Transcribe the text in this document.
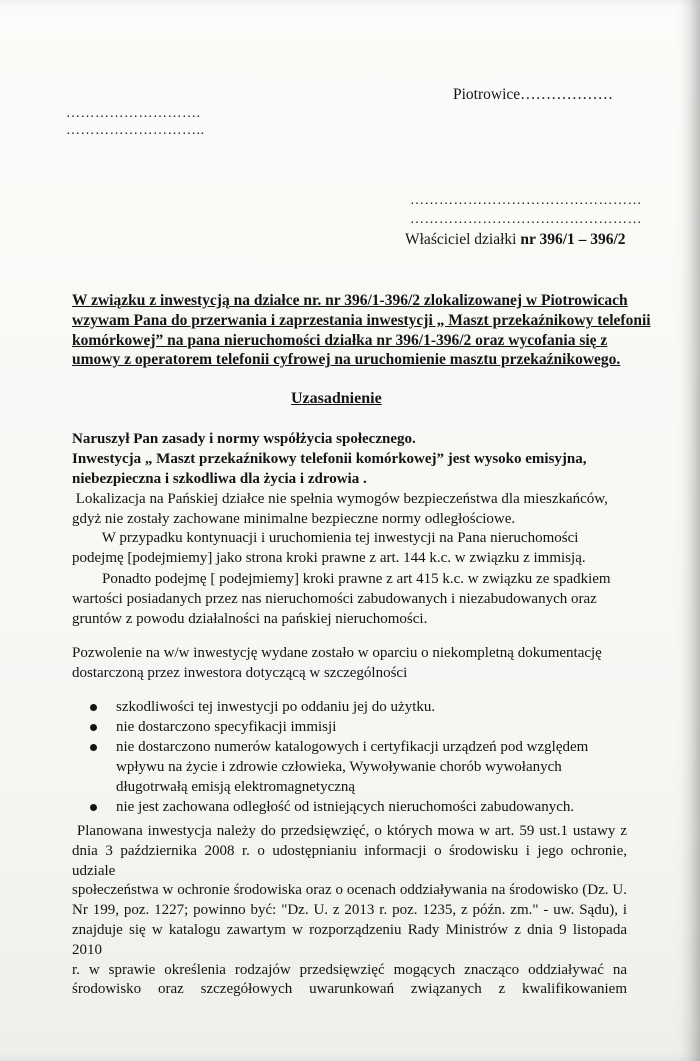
Piotrowice………………
……………………….
………………………..
…………………………………………
…………………………………………
Właściciel działki nr 396/1 – 396/2
W związku z inwestycją na działce nr. nr 396/1-396/2 zlokalizowanej w Piotrowicach
wzywam Pana do przerwania i zaprzestania inwestycji „ Maszt przekaźnikowy telefonii
komórkowej” na pana nieruchomości działka nr 396/1-396/2 oraz wycofania się z
umowy z operatorem telefonii cyfrowej na uruchomienie masztu przekaźnikowego.
Uzasadnienie
Naruszył Pan zasady i normy współżycia społecznego.
Inwestycja „ Maszt przekaźnikowy telefonii komórkowej” jest wysoko emisyjna,
niebezpieczna i szkodliwa dla życia i zdrowia .
Lokalizacja na Pańskiej działce nie spełnia wymogów bezpieczeństwa dla mieszkańców,
gdyż nie zostały zachowane minimalne bezpieczne normy odległościowe.
W przypadku kontynuacji i uruchomienia tej inwestycji na Pana nieruchomości
podejmę [podejmiemy] jako strona kroki prawne z art. 144 k.c. w związku z immisją.
Ponadto podejmę [ podejmiemy] kroki prawne z art 415 k.c. w związku ze spadkiem
wartości posiadanych przez nas nieruchomości zabudowanych i niezabudowanych oraz
gruntów z powodu działalności na pańskiej nieruchomości.
Pozwolenie na w/w inwestycję wydane zostało w oparciu o niekompletną dokumentację
dostarczoną przez inwestora dotyczącą w szczególności
szkodliwości tej inwestycji po oddaniu jej do użytku.
nie dostarczono specyfikacji immisji
nie dostarczono numerów katalogowych i certyfikacji urządzeń pod względem
wpływu na życie i zdrowie człowieka, Wywoływanie chorób wywołanych
długotrwałą emisją elektromagnetyczną
nie jest zachowana odległość od istniejących nieruchomości zabudowanych.
Planowana inwestycja należy do przedsięwzięć, o których mowa w art. 59 ust.1 ustawy z
dnia 3 października 2008 r. o udostępnianiu informacji o środowisku i jego ochronie, udziale
społeczeństwa w ochronie środowiska oraz o ocenach oddziaływania na środowisko (Dz. U.
Nr 199, poz. 1227; powinno być: "Dz. U. z 2013 r. poz. 1235, z późn. zm." - uw. Sądu), i
znajduje się w katalogu zawartym w rozporządzeniu Rady Ministrów z dnia 9 listopada 2010
r. w sprawie określenia rodzajów przedsięwzięć mogących znacząco oddziaływać na
środowisko oraz szczegółowych uwarunkowań związanych z kwalifikowaniem
